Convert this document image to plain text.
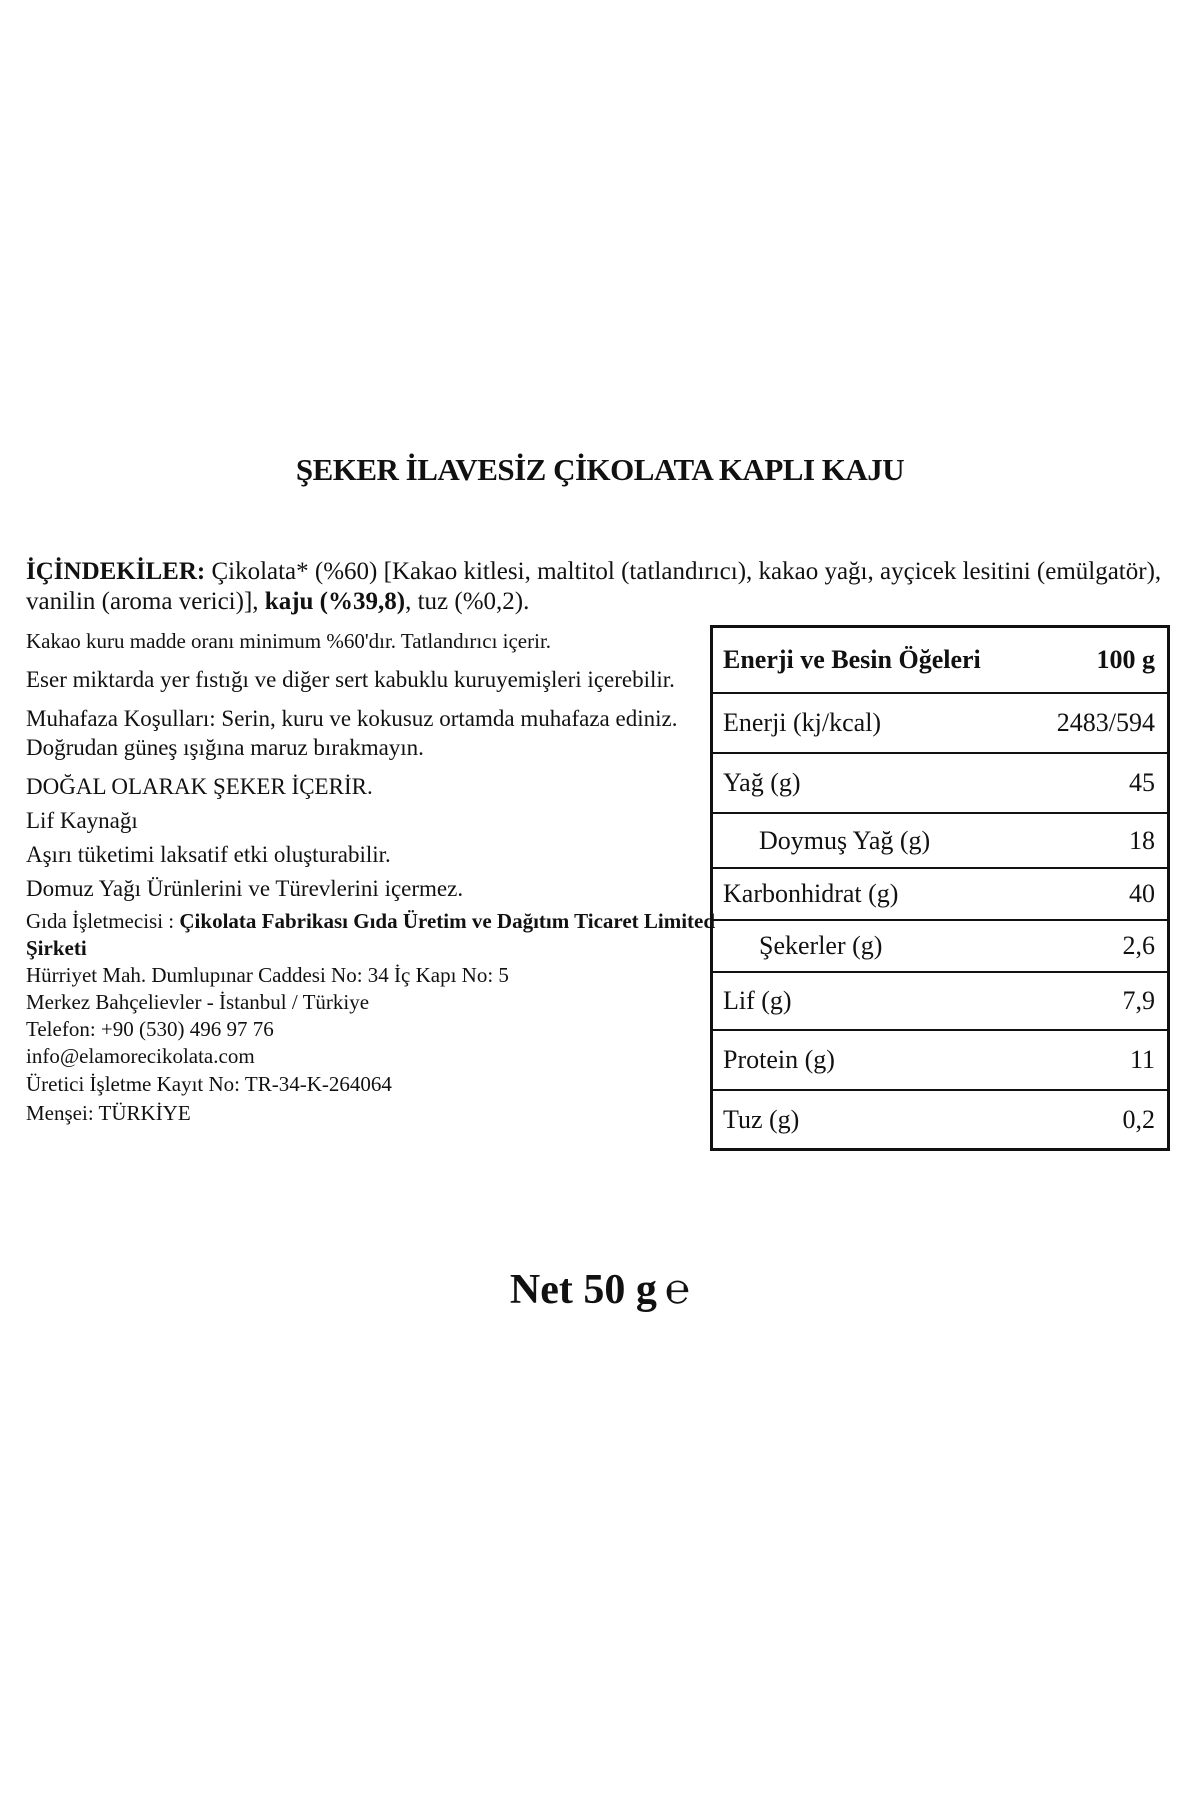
ŞEKER İLAVESİZ ÇİKOLATA KAPLI KAJU

İÇİNDEKİLER: Çikolata* (%60) [Kakao kitlesi, maltitol (tatlandırıcı), kakao yağı, ayçicek lesitini (emülgatör), vanilin (aroma verici)], kaju (%39,8), tuz (%0,2).

Kakao kuru madde oranı minimum %60'dır. Tatlandırıcı içerir.

Eser miktarda yer fıstığı ve diğer sert kabuklu kuruyemişleri içerebilir.

Muhafaza Koşulları: Serin, kuru ve kokusuz ortamda muhafaza ediniz. Doğrudan güneş ışığına maruz bırakmayın.

DOĞAL OLARAK ŞEKER İÇERİR.

Lif Kaynağı

Aşırı tüketimi laksatif etki oluşturabilir.

Domuz Yağı Ürünlerini ve Türevlerini içermez.

Gıda İşletmecisi : Çikolata Fabrikası Gıda Üretim ve Dağıtım Ticaret Limited Şirketi

Hürriyet Mah. Dumlupınar Caddesi No: 34 İç Kapı No: 5

Merkez Bahçelievler - İstanbul / Türkiye

Telefon: +90 (530) 496 97 76

info@elamorecikolata.com

Üretici İşletme Kayıt No: TR-34-K-264064

Menşei: TÜRKİYE

Enerji ve Besin Öğeleri	100 g
Enerji (kj/kcal)	2483/594
Yağ (g)	45
Doymuş Yağ (g)	18
Karbonhidrat (g)	40
Şekerler (g)	2,6
Lif (g)	7,9
Protein (g)	11
Tuz (g)	0,2
Net 50 g ℮
